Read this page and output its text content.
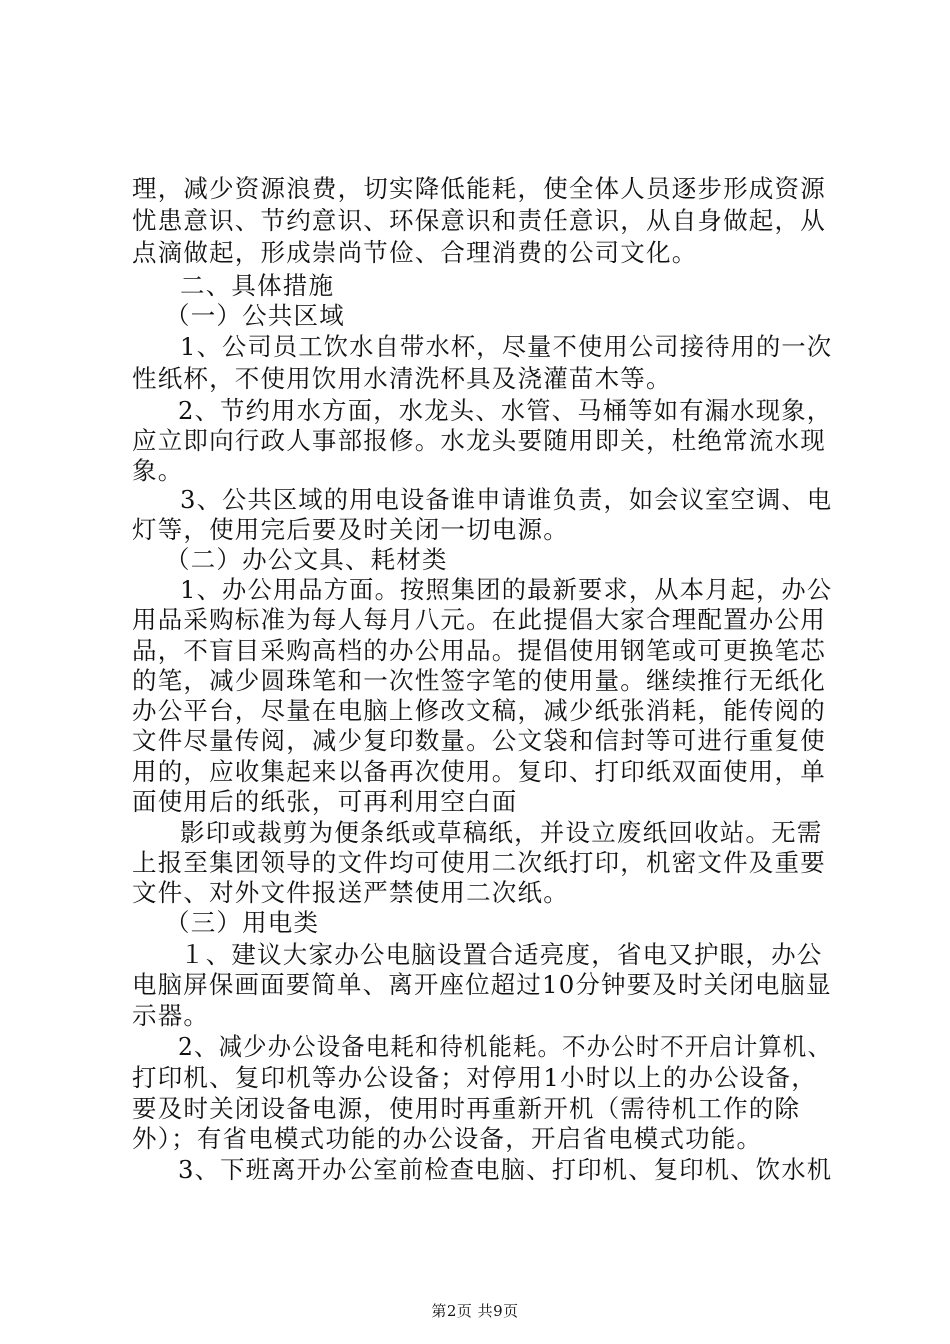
理，减少资源浪费，切实降低能耗，使全体人员逐步形成资源
忧患意识、节约意识、环保意识和责任意识，从自身做起，从
点滴做起，形成崇尚节俭、合理消费的公司文化。
二、具体措施
（一）公共区域
1、公司员工饮水自带水杯，尽量不使用公司接待用的一次
性纸杯，不使用饮用水清洗杯具及浇灌苗木等。
2、节约用水方面，水龙头、水管、马桶等如有漏水现象，
应立即向行政人事部报修。水龙头要随用即关，杜绝常流水现
象。
3、公共区域的用电设备谁申请谁负责，如会议室空调、电
灯等，使用完后要及时关闭一切电源。
（二）办公文具、耗材类
1、办公用品方面。按照集团的最新要求，从本月起，办公
用品采购标准为每人每月八元。在此提倡大家合理配置办公用
品，不盲目采购高档的办公用品。提倡使用钢笔或可更换笔芯
的笔，减少圆珠笔和一次性签字笔的使用量。继续推行无纸化
办公平台，尽量在电脑上修改文稿，减少纸张消耗，能传阅的
文件尽量传阅，减少复印数量。公文袋和信封等可进行重复使
用的，应收集起来以备再次使用。复印、打印纸双面使用，单
面使用后的纸张，可再利用空白面
影印或裁剪为便条纸或草稿纸，并设立废纸回收站。无需
上报至集团领导的文件均可使用二次纸打印，机密文件及重要
文件、对外文件报送严禁使用二次纸。
（三）用电类
１、建议大家办公电脑设置合适亮度，省电又护眼，办公
电脑屏保画面要简单、离开座位超过10分钟要及时关闭电脑显
示器。
2、减少办公设备电耗和待机能耗。不办公时不开启计算机、
打印机、复印机等办公设备；对停用1小时以上的办公设备，
要及时关闭设备电源，使用时再重新开机（需待机工作的除
外）；有省电模式功能的办公设备，开启省电模式功能。
3、下班离开办公室前检查电脑、打印机、复印机、饮水机
第2页 共9页
